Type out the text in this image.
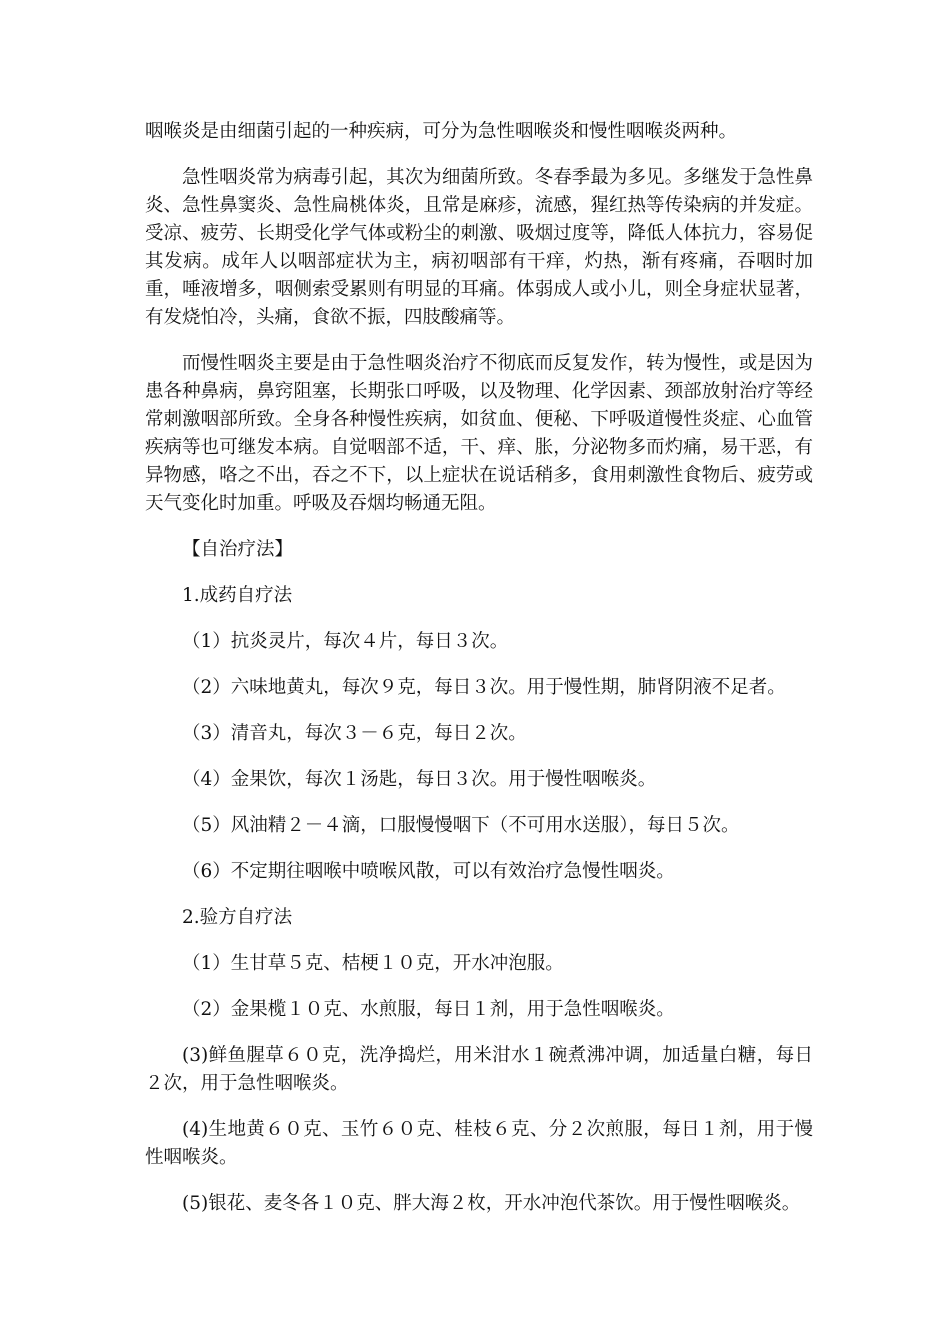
咽喉炎是由细菌引起的一种疾病，可分为急性咽喉炎和慢性咽喉炎两种。

急性咽炎常为病毒引起，其次为细菌所致。冬春季最为多见。多继发于急性鼻炎、急性鼻窦炎、急性扁桃体炎，且常是麻疹，流感，猩红热等传染病的并发症。受凉、疲劳、长期受化学气体或粉尘的刺激、吸烟过度等，降低人体抗力，容易促其发病。成年人以咽部症状为主，病初咽部有干痒，灼热，渐有疼痛，吞咽时加重，唾液增多，咽侧索受累则有明显的耳痛。体弱成人或小儿，则全身症状显著，有发烧怕冷，头痛，食欲不振，四肢酸痛等。

而慢性咽炎主要是由于急性咽炎治疗不彻底而反复发作，转为慢性，或是因为患各种鼻病，鼻窍阻塞，长期张口呼吸，以及物理、化学因素、颈部放射治疗等经常刺激咽部所致。全身各种慢性疾病，如贫血、便秘、下呼吸道慢性炎症、心血管疾病等也可继发本病。自觉咽部不适，干、痒、胀，分泌物多而灼痛，易干恶，有异物感，咯之不出，吞之不下，以上症状在说话稍多，食用刺激性食物后、疲劳或天气变化时加重。呼吸及吞烟均畅通无阻。

【自治疗法】

1.成药自疗法

（1）抗炎灵片，每次４片，每日３次。

（2）六味地黄丸，每次９克，每日３次。用于慢性期，肺肾阴液不足者。

（3）清音丸，每次３－６克，每日２次。

（4）金果饮，每次１汤匙，每日３次。用于慢性咽喉炎。

（5）风油精２－４滴，口服慢慢咽下（不可用水送服），每日５次。

（6）不定期往咽喉中喷喉风散，可以有效治疗急慢性咽炎。

2.验方自疗法

（1）生甘草５克、桔梗１０克，开水冲泡服。

（2）金果榄１０克、水煎服，每日１剂，用于急性咽喉炎。

(3)鲜鱼腥草６０克，洗净捣烂，用米泔水１碗煮沸冲调，加适量白糖，每日２次，用于急性咽喉炎。

(4)生地黄６０克、玉竹６０克、桂枝６克、分２次煎服，每日１剂，用于慢性咽喉炎。

(5)银花、麦冬各１０克、胖大海２枚，开水冲泡代茶饮。用于慢性咽喉炎。
